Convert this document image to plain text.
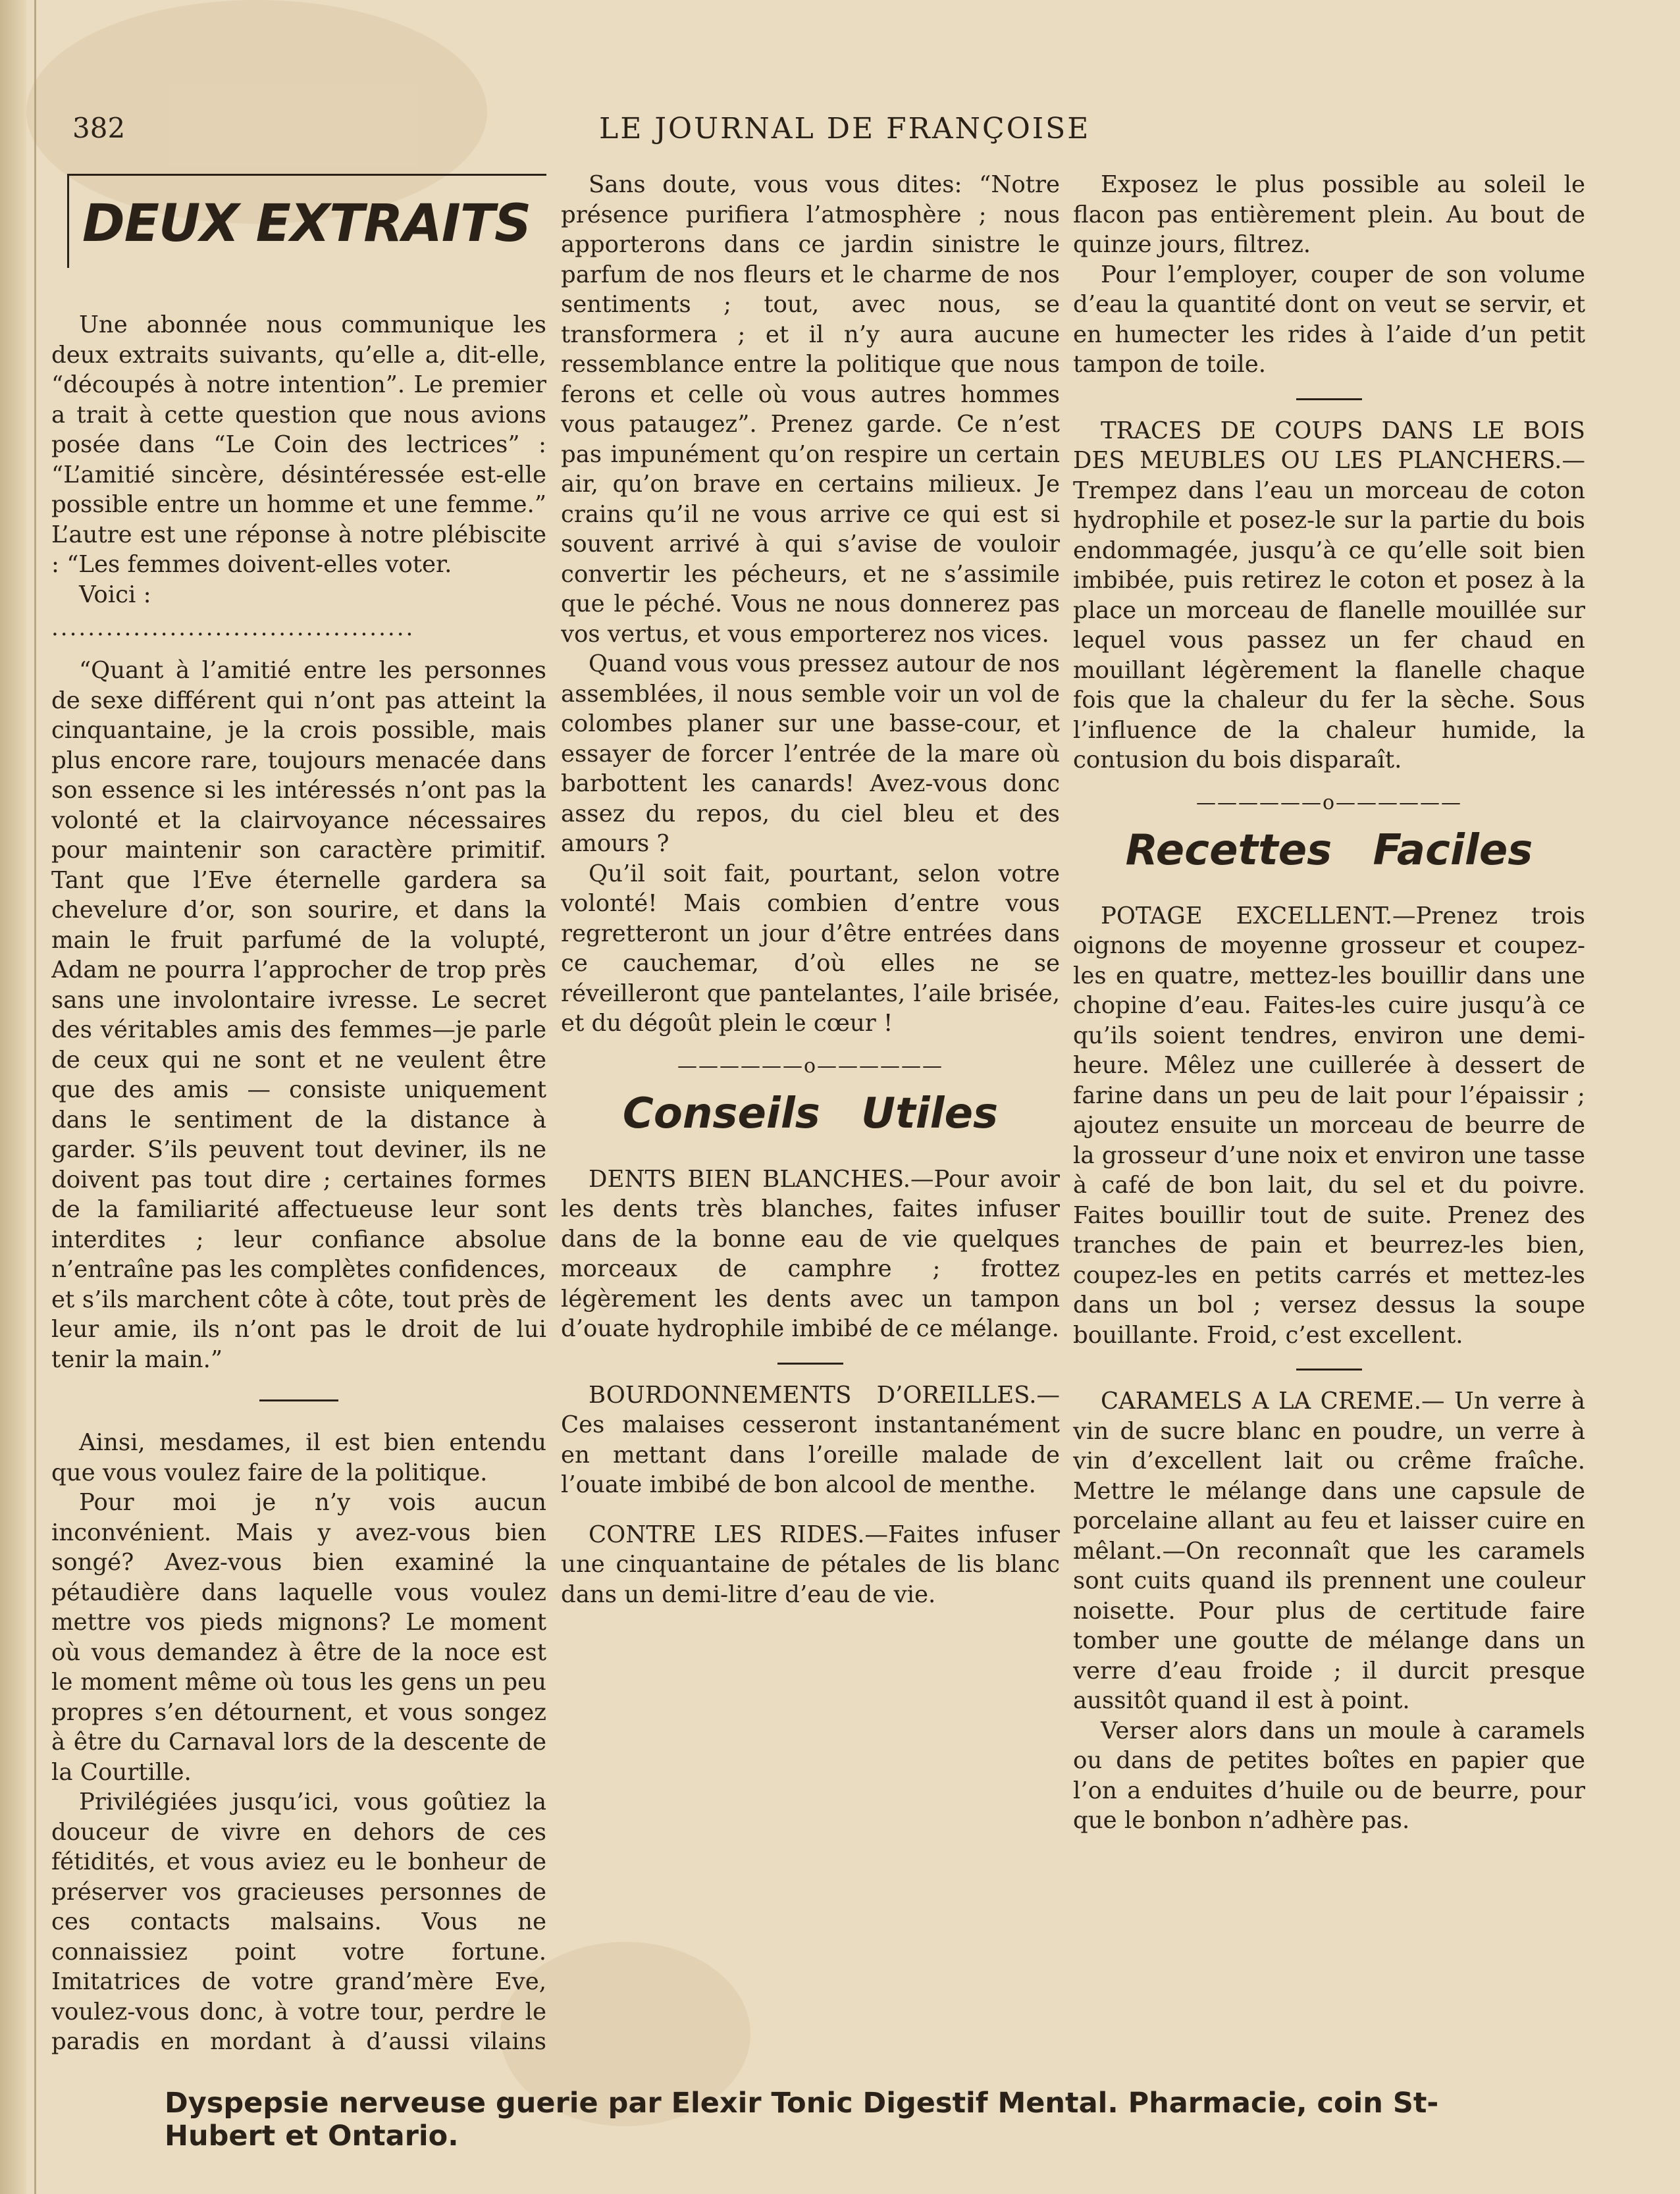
382	LE JOURNAL DE FRANÇOISE
DEUX EXTRAITS

Une abonnée nous communique les deux extraits suivants, qu’elle a, dit-elle, “découpés à notre intention”. Le premier a trait à cette question que nous avions posée dans “Le Coin des lectrices” : “L’amitié sincère, désintéressée est-elle possible entre un homme et une femme.” L’autre est une réponse à notre plébiscite : “Les femmes doivent-elles voter.

Voici :

........................................

“Quant à l’amitié entre les personnes de sexe différent qui n’ont pas atteint la cinquantaine, je la crois possible, mais plus encore rare, toujours menacée dans son essence si les intéressés n’ont pas la volonté et la clairvoyance nécessaires pour maintenir son caractère primitif. Tant que l’Eve éternelle gardera sa chevelure d’or, son sourire, et dans la main le fruit parfumé de la volupté, Adam ne pourra l’approcher de trop près sans une involontaire ivresse. Le secret des véritables amis des femmes—je parle de ceux qui ne sont et ne veulent être que des amis — consiste uniquement dans le sentiment de la distance à garder. S’ils peuvent tout deviner, ils ne doivent pas tout dire ; certaines formes de la familiarité affectueuse leur sont interdites ; leur confiance absolue n’entraîne pas les complètes confidences, et s’ils marchent côte à côte, tout près de leur amie, ils n’ont pas le droit de lui tenir la main.”

Ainsi, mesdames, il est bien entendu que vous voulez faire de la politique.

Pour moi je n’y vois aucun inconvénient. Mais y avez-vous bien songé? Avez-vous bien examiné la pétaudière dans laquelle vous voulez mettre vos pieds mignons? Le moment où vous demandez à être de la noce est le moment même où tous les gens un peu propres s’en détournent, et vous songez à être du Carnaval lors de la descente de la Courtille.

Privilégiées jusqu’ici, vous goûtiez la douceur de vivre en dehors de ces fétidités, et vous aviez eu le bonheur de préserver vos gracieuses personnes de ces contacts malsains. Vous ne connaissiez point votre fortune. Imitatrices de votre grand’mère Eve, voulez-vous donc, à votre tour, perdre le paradis en mordant à d’aussi vilains

Sans doute, vous vous dites: “Notre présence purifiera l’atmosphère ; nous apporterons dans ce jardin sinistre le parfum de nos fleurs et le charme de nos sentiments ; tout, avec nous, se transformera ; et il n’y aura aucune ressemblance entre la politique que nous ferons et celle où vous autres hommes vous pataugez”. Prenez garde. Ce n’est pas impunément qu’on respire un certain air, qu’on brave en certains milieux. Je crains qu’il ne vous arrive ce qui est si souvent arrivé à qui s’avise de vouloir convertir les pécheurs, et ne s’assimile que le péché. Vous ne nous donnerez pas vos vertus, et vous emporterez nos vices.

Quand vous vous pressez autour de nos assemblées, il nous semble voir un vol de colombes planer sur une basse-cour, et essayer de forcer l’entrée de la mare où barbottent les canards! Avez-vous donc assez du repos, du ciel bleu et des amours ?

Qu’il soit fait, pourtant, selon votre volonté! Mais combien d’entre vous regretteront un jour d’être entrées dans ce cauchemar, d’où elles ne se réveilleront que pantelantes, l’aile brisée, et du dégoût plein le cœur !

——————o——————
Conseils Utiles

DENTS BIEN BLANCHES.—Pour avoir les dents très blanches, faites infuser dans de la bonne eau de vie quelques morceaux de camphre ; frottez légèrement les dents avec un tampon d’ouate hydrophile imbibé de ce mélange.

BOURDONNEMENTS D’OREILLES.—Ces malaises cesseront instantanément en mettant dans l’oreille malade de l’ouate imbibé de bon alcool de menthe.

CONTRE LES RIDES.—Faites infuser une cinquantaine de pétales de lis blanc dans un demi-litre d’eau de vie.

Exposez le plus possible au soleil le flacon pas entièrement plein. Au bout de quinze jours, filtrez.

Pour l’employer, couper de son volume d’eau la quantité dont on veut se servir, et en humecter les rides à l’aide d’un petit tampon de toile.

TRACES DE COUPS DANS LE BOIS DES MEUBLES OU LES PLANCHERS.—Trempez dans l’eau un morceau de coton hydrophile et posez-le sur la partie du bois endommagée, jusqu’à ce qu’elle soit bien imbibée, puis retirez le coton et posez à la place un morceau de flanelle mouillée sur lequel vous passez un fer chaud en mouillant légèrement la flanelle chaque fois que la chaleur du fer la sèche. Sous l’influence de la chaleur humide, la contusion du bois disparaît.

——————o——————
Recettes Faciles

POTAGE EXCELLENT.—Prenez trois oignons de moyenne grosseur et coupez-les en quatre, mettez-les bouillir dans une chopine d’eau. Faites-les cuire jusqu’à ce qu’ils soient tendres, environ une demi-heure. Mêlez une cuillerée à dessert de farine dans un peu de lait pour l’épaissir ; ajoutez ensuite un morceau de beurre de la grosseur d’une noix et environ une tasse à café de bon lait, du sel et du poivre. Faites bouillir tout de suite. Prenez des tranches de pain et beurrez-les bien, coupez-les en petits carrés et mettez-les dans un bol ; versez dessus la soupe bouillante. Froid, c’est excellent.

CARAMELS A LA CREME.— Un verre à vin de sucre blanc en poudre, un verre à vin d’excellent lait ou crême fraîche. Mettre le mélange dans une capsule de porcelaine allant au feu et laisser cuire en mêlant.—On reconnaît que les caramels sont cuits quand ils prennent une couleur noisette. Pour plus de certitude faire tomber une goutte de mélange dans un verre d’eau froide ; il durcit presque aussitôt quand il est à point.

Verser alors dans un moule à caramels ou dans de petites boîtes en papier que l’on a enduites d’huile ou de beurre, pour que le bonbon n’adhère pas.

Dyspepsie nerveuse guerie par Elexir Tonic Digestif Mental. Pharmacie, coin St-Hubert et Ontario.
